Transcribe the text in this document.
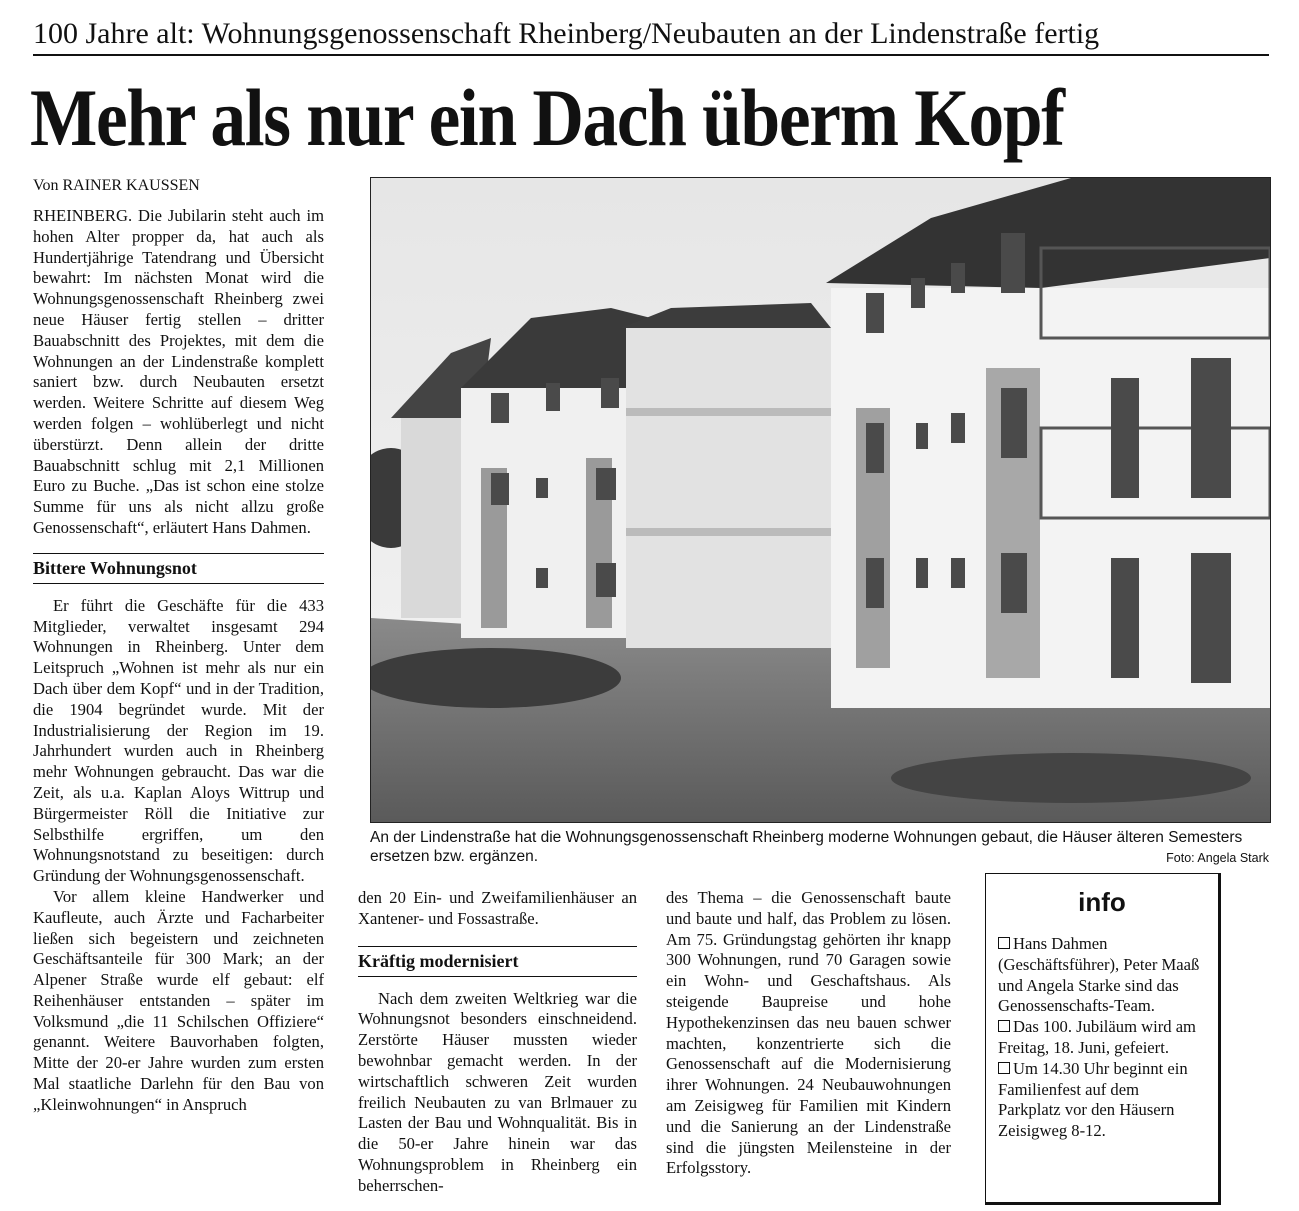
100 Jahre alt: Wohnungsgenossenschaft Rheinberg/Neubauten an der Lindenstraße fertig
Mehr als nur ein Dach überm Kopf
Von RAINER KAUSSEN

RHEINBERG. Die Jubilarin steht auch im hohen Alter propper da, hat auch als Hundertjährige Tatendrang und Übersicht bewahrt: Im nächsten Monat wird die Wohnungsgenossenschaft Rheinberg zwei neue Häuser fertig stellen – dritter Bauabschnitt des Projektes, mit dem die Wohnungen an der Lindenstraße komplett saniert bzw. durch Neubauten ersetzt werden. Weitere Schritte auf diesem Weg werden folgen – wohlüberlegt und nicht überstürzt. Denn allein der dritte Bauabschnitt schlug mit 2,1 Millionen Euro zu Buche. „Das ist schon eine stolze Summe für uns als nicht allzu große Genossenschaft“, erläutert Hans Dahmen.

Bittere Wohnungsnot

Er führt die Geschäfte für die 433 Mitglieder, verwaltet insgesamt 294 Wohnungen in Rheinberg. Unter dem Leitspruch „Wohnen ist mehr als nur ein Dach über dem Kopf“ und in der Tradition, die 1904 begründet wurde. Mit der Industrialisierung der Region im 19. Jahrhundert wurden auch in Rheinberg mehr Wohnungen gebraucht. Das war die Zeit, als u.a. Kaplan Aloys Wittrup und Bürgermeister Röll die Initiative zur Selbsthilfe ergriffen, um den Wohnungsnotstand zu beseitigen: durch Gründung der Wohnungsgenossenschaft.

Vor allem kleine Handwerker und Kaufleute, auch Ärzte und Facharbeiter ließen sich begeistern und zeichneten Geschäftsanteile für 300 Mark; an der Alpener Straße wurde elf gebaut: elf Reihenhäuser entstanden – später im Volksmund „die 11 Schilschen Offiziere“ genannt. Weitere Bauvorhaben folgten, Mitte der 20-er Jahre wurden zum ersten Mal staatliche Darlehn für den Bau von „Kleinwohnungen“ in Anspruch

An der Lindenstraße hat die Wohnungsgenossenschaft Rheinberg moderne Wohnungen gebaut, die Häuser älteren Semesters ersetzen bzw. ergänzen.	Foto: Angela Stark

den 20 Ein- und Zweifamilienhäuser an Xantener- und Fossastraße.

Kräftig modernisiert

Nach dem zweiten Weltkrieg war die Wohnungsnot besonders einschneidend. Zerstörte Häuser mussten wieder bewohnbar gemacht werden. In der wirtschaftlich schweren Zeit wurden freilich Neubauten zu van Brlmauer zu Lasten der Bau und Wohnqualität. Bis in die 50-er Jahre hinein war das Wohnungsproblem in Rheinberg ein beherrschen-

des Thema – die Genossenschaft baute und baute und half, das Problem zu lösen. Am 75. Gründungstag gehörten ihr knapp 300 Wohnungen, rund 70 Garagen sowie ein Wohn- und Geschaftshaus. Als steigende Baupreise und hohe Hypothekenzinsen das neu bauen schwer machten, konzentrierte sich die Genossenschaft auf die Modernisierung ihrer Wohnungen. 24 Neubauwohnungen am Zeisigweg für Familien mit Kindern und die Sanierung an der Lindenstraße sind die jüngsten Meilensteine in der Erfolgsstory.

info

Hans Dahmen (Geschäftsführer), Peter Maaß und Angela Starke sind das Genossenschafts-Team.

Das 100. Jubiläum wird am Freitag, 18. Juni, gefeiert.

Um 14.30 Uhr beginnt ein Familienfest auf dem Parkplatz vor den Häusern Zeisigweg 8-12.
